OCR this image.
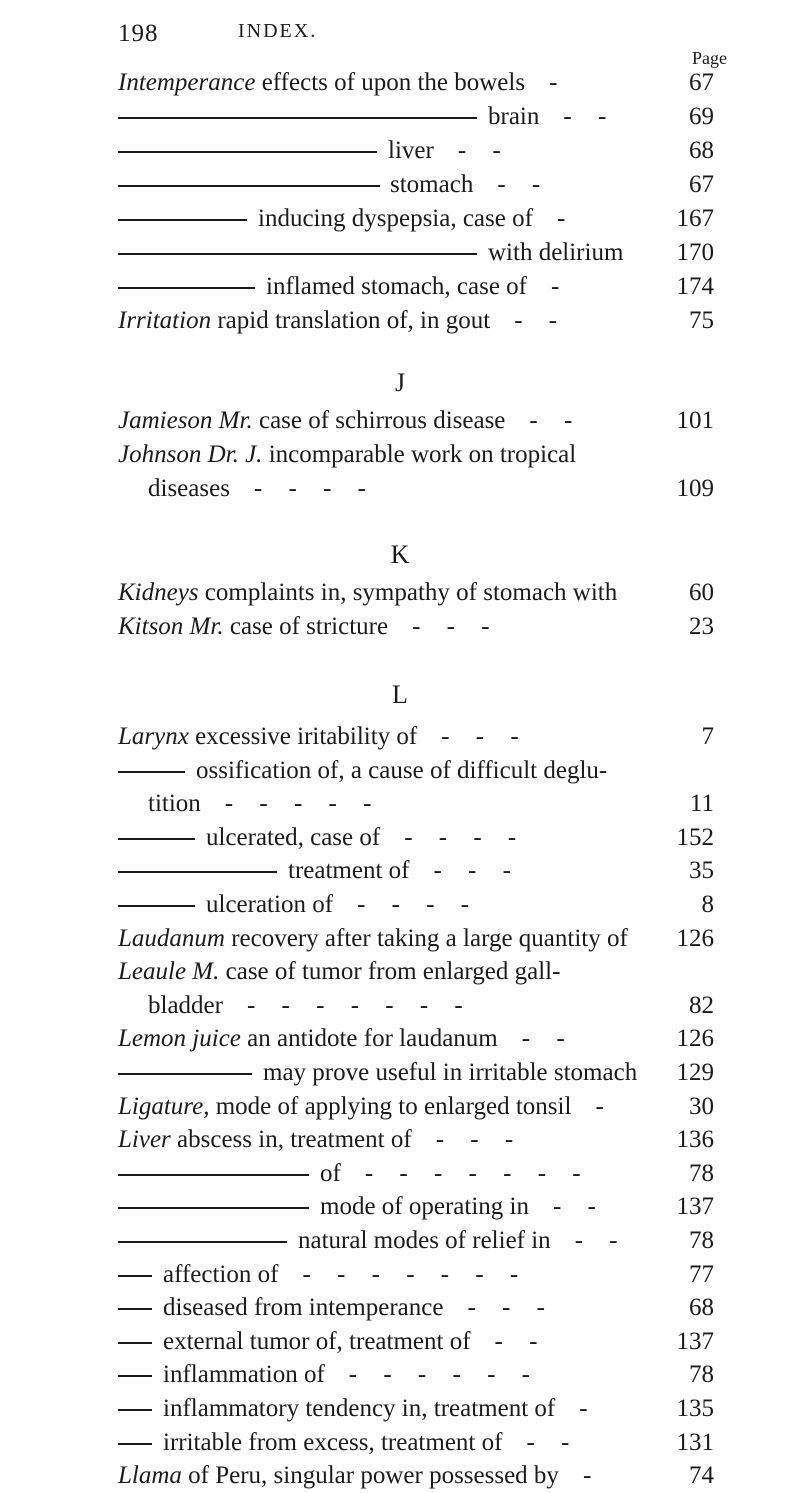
198	INDEX.
Page
Intemperance effects of upon the bowels -	67
brain - -	69
liver - -	68
stomach - -	67
inducing dyspepsia, case of -	167
with delirium 170
inflamed stomach, case of -	174
Irritation rapid translation of, in gout - -	75
Jamieson Mr. case of schirrous disease - -	101
Johnson Dr. J. incomparable work on tropical
diseases - - - -	109
Kidneys complaints in, sympathy of stomach with	60
Kitson Mr. case of stricture - - -	23
Larynx excessive iritability of - - -	7
ossification of, a cause of difficult deglu-
tition - - - - -	11
ulcerated, case of - - - -	152
treatment of - - -	35
ulceration of - - - -	8
Laudanum recovery after taking a large quantity of 126
Leaule M. case of tumor from enlarged gall-
bladder - - - - - - -	82
Lemon juice an antidote for laudanum - -	126
may prove useful in irritable stomach 129
Ligature, mode of applying to enlarged tonsil -	30
Liver abscess in, treatment of - - -	136
of - - - - - - -	78
mode of operating in - -	137
natural modes of relief in - - 78
affection of - - - - - - -	77
diseased from intemperance - - -	68
external tumor of, treatment of - -	137
inflammation of - - - - - -	78
inflammatory tendency in, treatment of -	135
irritable from excess, treatment of - -	131
Llama of Peru, singular power possessed by -	74
J
K
L
